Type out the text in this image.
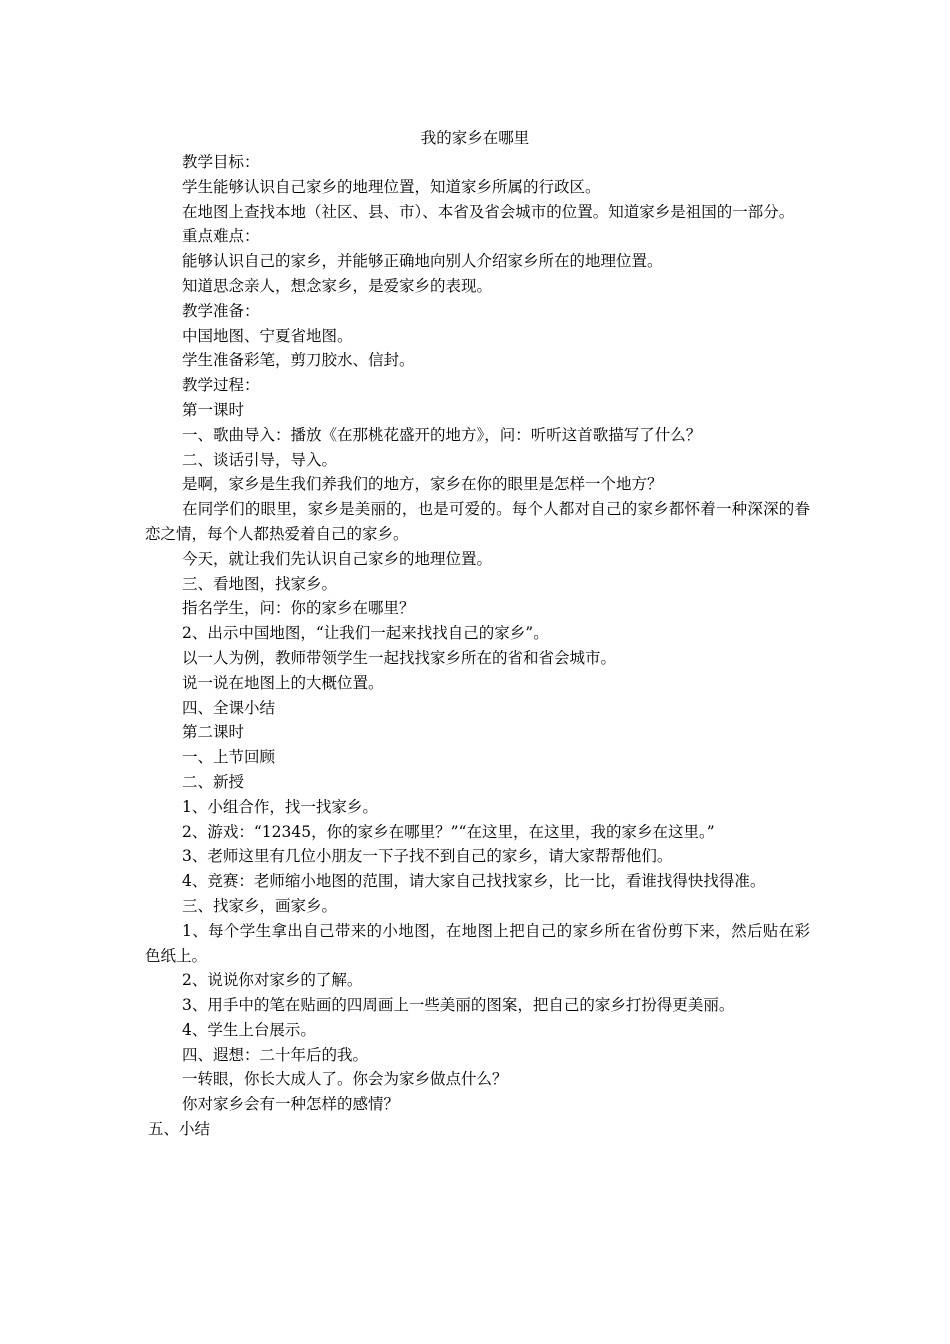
我的家乡在哪里

教学目标：

学生能够认识自己家乡的地理位置，知道家乡所属的行政区。

在地图上查找本地（社区、县、市）、本省及省会城市的位置。知道家乡是祖国的一部分。

重点难点：

能够认识自己的家乡，并能够正确地向别人介绍家乡所在的地理位置。

知道思念亲人，想念家乡，是爱家乡的表现。

教学准备：

中国地图、宁夏省地图。

学生准备彩笔，剪刀胶水、信封。

教学过程：

第一课时

一、歌曲导入：播放《在那桃花盛开的地方》，问：听听这首歌描写了什么？

二、谈话引导，导入。

是啊，家乡是生我们养我们的地方，家乡在你的眼里是怎样一个地方？

在同学们的眼里，家乡是美丽的，也是可爱的。每个人都对自己的家乡都怀着一种深深的眷恋之情，每个人都热爱着自己的家乡。

今天，就让我们先认识自己家乡的地理位置。

三、看地图，找家乡。

指名学生，问：你的家乡在哪里？

2、出示中国地图，“让我们一起来找找自己的家乡”。

以一人为例，教师带领学生一起找找家乡所在的省和省会城市。

说一说在地图上的大概位置。

四、全课小结

第二课时

一、上节回顾

二、新授

1、小组合作，找一找家乡。

2、游戏：“12345，你的家乡在哪里？”“在这里，在这里，我的家乡在这里。”

3、老师这里有几位小朋友一下子找不到自己的家乡，请大家帮帮他们。

4、竞赛：老师缩小地图的范围，请大家自己找找家乡，比一比，看谁找得快找得准。

三、找家乡，画家乡。

1、每个学生拿出自己带来的小地图，在地图上把自己的家乡所在省份剪下来，然后贴在彩色纸上。

2、说说你对家乡的了解。

3、用手中的笔在贴画的四周画上一些美丽的图案，把自己的家乡打扮得更美丽。

4、学生上台展示。

四、遐想：二十年后的我。

一转眼，你长大成人了。你会为家乡做点什么？

你对家乡会有一种怎样的感情？

五、小结
